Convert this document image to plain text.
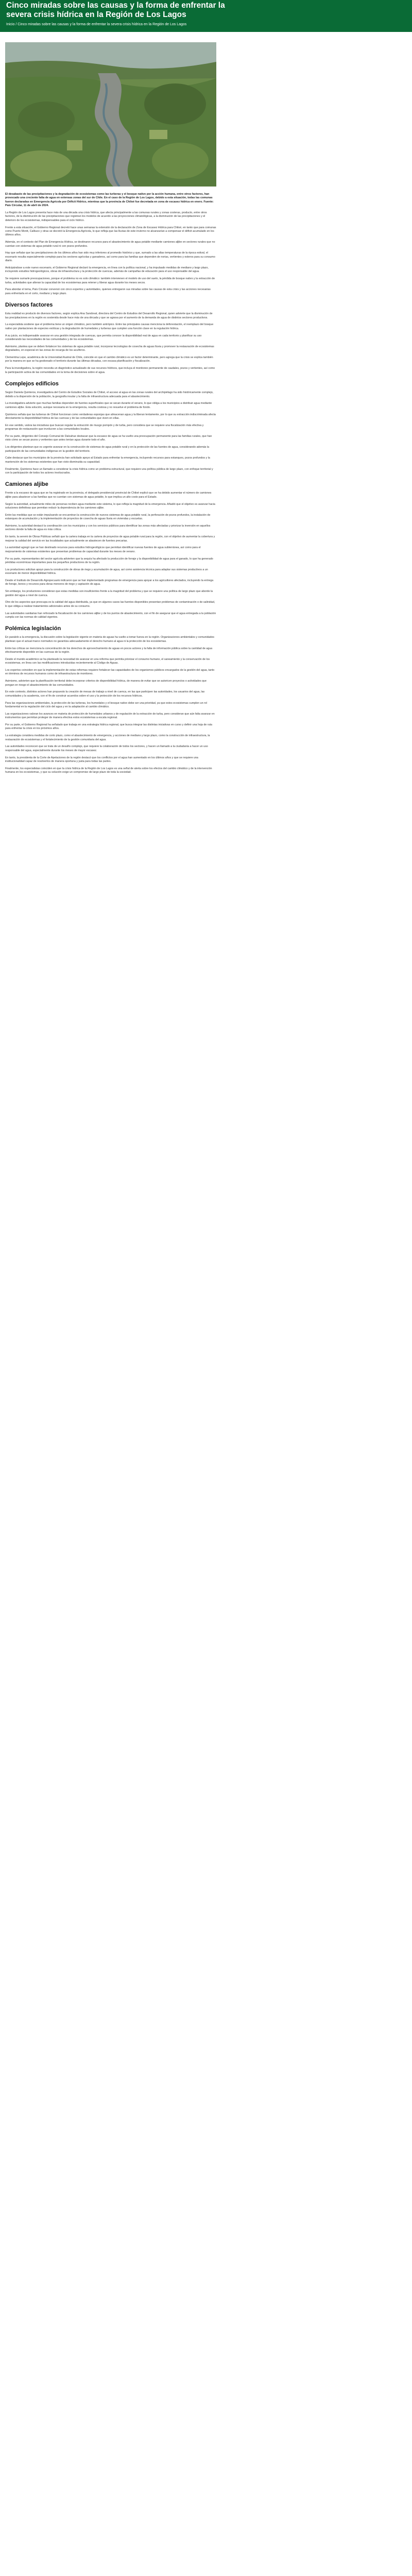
Cinco miradas sobre las causas y la forma de enfrentar la severa crisis hídrica en la Región de Los Lagos
Inicio / Cinco miradas sobre las causas y la forma de enfrentar la severa crisis hídrica en la Región de Los Lagos

El desabasto de las precipitaciones y la degradación de ecosistemas como las turberas y el bosque nativo por la acción humana, entre otros factores, han provocado una creciente falta de agua en extensas zonas del sur de Chile. En el caso de la Región de Los Lagos, debido a esta situación, todas las comunas fueron declaradas en Emergencia Agrícola por Déficit Hídrico, mientras que la provincia de Chiloé fue decretada en zona de escasez hídrica en enero. Fuente: País Circular, 11 de abril de 2024.

La Región de Los Lagos presenta hace más de una década una crisis hídrica, que afecta principalmente a las comunas rurales y zonas costeras, producto, entre otros factores, de la disminución de las precipitaciones que registran los modelos de acuerdo a las proyecciones climatológicas, a la disminución de las precipitaciones y el deterioro de los ecosistemas, indispensables para el ciclo hídrico.

Frente a esta situación, el Gobierno Regional decretó hace unas semanas la extensión de la declaración de Zona de Escasez Hídrica para Chiloé, en tanto que para comunas como Puerto Montt, Calbuco y otras se decretó la Emergencia Agrícola, lo que refleja que las lluvias de este invierno no alcanzarían a compensar el déficit acumulado en los últimos años.

Además, en el contexto del Plan de Emergencia Hídrica, se destinaron recursos para el abastecimiento de agua potable mediante camiones aljibe en sectores rurales que no cuentan con sistemas de agua potable rural ni con pozos profundos.

Hay que señalar que las precipitaciones de los últimos años han sido muy inferiores al promedio histórico y que, sumado a las altas temperaturas de la época estival, el escenario resulta especialmente complejo para los sectores agrícolas y ganaderos, así como para las familias que dependen de norias, vertientes y esteros para su consumo diario.

Anticipándose a este nuevo escenario, el Gobierno Regional declaró la emergencia, en línea con la política nacional, y ha impulsado medidas de mediano y largo plazo, incluyendo estudios hidrogeológicos, obras de infraestructura y la protección de cuencas, además de campañas de educación para el uso responsable del agua.

Se requiere sumarle preocupaciones, porque el problema no es solo climático: también intervienen el modelo de uso del suelo, la pérdida de bosque nativo y la extracción de turba, actividades que alteran la capacidad de los ecosistemas para retener y liberar agua durante los meses secos.

Para abordar el tema, País Circular conversó con cinco expertos y autoridades, quienes entregaron sus miradas sobre las causas de esta crisis y las acciones necesarias para enfrentarla en el corto, mediano y largo plazo.

Diversos factores

Esta realidad es producto de diversos factores, según explica Ana Sandoval, directora del Centro de Estudios del Desarrollo Regional, quien advierte que la disminución de las precipitaciones en la región es sostenida desde hace más de una década y que se agrava por el aumento de la demanda de agua de distintos sectores productivos.

La especialista sostiene que el problema tiene un origen climático, pero también antrópico. Entre las principales causas menciona la deforestación, el reemplazo del bosque nativo por plantaciones de especies exóticas y la degradación de humedales y turberas que cumplen una función clave en la regulación hídrica.

A su juicio, es indispensable avanzar en una gestión integrada de cuencas, que permita conocer la disponibilidad real de agua en cada territorio y planificar su uso considerando las necesidades de las comunidades y de los ecosistemas.

Asimismo, plantea que se deben fortalecer los sistemas de agua potable rural, incorporar tecnologías de cosecha de aguas lluvia y promover la restauración de ecosistemas degradados, en especial en las zonas de recarga de los acuíferos.

Clementina Lepe, académica de la Universidad Austral de Chile, coincide en que el cambio climático es un factor determinante, pero agrega que la crisis se explica también por la manera en que se ha gestionado el territorio durante las últimas décadas, con escasa planificación y fiscalización.

Para la investigadora, la región necesita un diagnóstico actualizado de sus recursos hídricos, que incluya el monitoreo permanente de caudales, pozos y vertientes, así como la participación activa de las comunidades en la toma de decisiones sobre el agua.

Complejos edificios

Según Daniela Quinteros, investigadora del Centro de Estudios Sociales de Chiloé, el acceso al agua en las zonas rurales del archipiélago ha sido históricamente complejo, debido a la dispersión de la población, la geografía insular y la falta de infraestructura adecuada para el abastecimiento.

La investigadora advierte que muchas familias dependen de fuentes superficiales que se secan durante el verano, lo que obliga a los municipios a distribuir agua mediante camiones aljibe. Esta solución, aunque necesaria en la emergencia, resulta costosa y no resuelve el problema de fondo.

Quinteros señala que las turberas de Chiloé funcionan como verdaderas esponjas que almacenan agua y la liberan lentamente, por lo que su extracción indiscriminada afecta directamente la disponibilidad hídrica de las cuencas y de las comunidades que viven en ellas.

En ese sentido, valora las iniciativas que buscan regular la extracción de musgo pompón y de turba, pero considera que se requiere una fiscalización más efectiva y programas de restauración que involucren a las comunidades locales.

Por su parte, dirigentes del Consejo Comunal de Dalcahue destacan que la escasez de agua se ha vuelto una preocupación permanente para las familias rurales, que han visto cómo se secan pozos y vertientes que antes tenían agua durante todo el año.

Los dirigentes plantean que es urgente avanzar en la construcción de sistemas de agua potable rural y en la protección de las fuentes de agua, considerando además la participación de las comunidades indígenas en la gestión del territorio.

Cabe destacar que los municipios de la provincia han solicitado apoyo al Estado para enfrentar la emergencia, incluyendo recursos para estanques, pozos profundos y la mantención de los sistemas existentes que han visto disminuida su capacidad.

Finalmente, Quinteros hace un llamado a considerar la crisis hídrica como un problema estructural, que requiere una política pública de largo plazo, con enfoque territorial y con la participación de todos los actores involucrados.

Camiones aljibe

Frente a la escasez de agua que se ha registrado en la provincia, el delegado presidencial provincial de Chiloé explicó que se ha debido aumentar el número de camiones aljibe para abastecer a las familias que no cuentan con sistemas de agua potable, lo que implica un alto costo para el Estado.

Según la autoridad, actualmente miles de personas reciben agua mediante este sistema, lo que refleja la magnitud de la emergencia. Añadió que el objetivo es avanzar hacia soluciones definitivas que permitan reducir la dependencia de los camiones aljibe.

Entre las medidas que se están impulsando se encuentran la construcción de nuevos sistemas de agua potable rural, la perforación de pozos profundos, la instalación de estanques de acumulación y la implementación de proyectos de cosecha de aguas lluvia en viviendas y escuelas.

Asimismo, la autoridad destacó la coordinación con los municipios y con los servicios públicos para identificar las zonas más afectadas y priorizar la inversión en aquellos sectores donde la falta de agua es más crítica.

En tanto, la seremi de Obras Públicas señaló que la cartera trabaja en la cartera de proyectos de agua potable rural para la región, con el objetivo de aumentar la cobertura y mejorar la calidad del servicio en las localidades que actualmente se abastecen de fuentes precarias.

La autoridad agregó que se han destinado recursos para estudios hidrogeológicos que permitan identificar nuevas fuentes de agua subterránea, así como para el mejoramiento de sistemas existentes que presentan problemas de capacidad durante los meses de verano.

Por su parte, representantes del sector agrícola advierten que la sequía ha afectado la producción de forraje y la disponibilidad de agua para el ganado, lo que ha generado pérdidas económicas importantes para los pequeños productores de la región.

Los productores solicitan apoyo para la construcción de obras de riego y acumulación de agua, así como asistencia técnica para adaptar sus sistemas productivos a un escenario de menor disponibilidad hídrica.

Desde el Instituto de Desarrollo Agropecuario indicaron que se han implementado programas de emergencia para apoyar a los agricultores afectados, incluyendo la entrega de forraje, bonos y recursos para obras menores de riego y captación de agua.

Sin embargo, los productores consideran que estas medidas son insuficientes frente a la magnitud del problema y que se requiere una política de largo plazo que aborde la gestión del agua a nivel de cuenca.

Otro de los aspectos que preocupa es la calidad del agua distribuida, ya que en algunos casos las fuentes disponibles presentan problemas de contaminación o de salinidad, lo que obliga a realizar tratamientos adicionales antes de su consumo.

Las autoridades sanitarias han reforzado la fiscalización de los camiones aljibe y de los puntos de abastecimiento, con el fin de asegurar que el agua entregada a la población cumpla con las normas de calidad vigentes.

Polémica legislación

En paralelo a la emergencia, la discusión sobre la legislación vigente en materia de aguas ha vuelto a tomar fuerza en la región. Organizaciones ambientales y comunidades plantean que el actual marco normativo no garantiza adecuadamente el derecho humano al agua ni la protección de los ecosistemas.

Entre las críticas se menciona la concentración de los derechos de aprovechamiento de aguas en pocos actores y la falta de información pública sobre la cantidad de agua efectivamente disponible en las cuencas de la región.

Desde el mundo académico se ha planteado la necesidad de avanzar en una reforma que permita priorizar el consumo humano, el saneamiento y la conservación de los ecosistemas, en línea con las modificaciones introducidas recientemente al Código de Aguas.

Los expertos coinciden en que la implementación de estas reformas requiere fortalecer las capacidades de los organismos públicos encargados de la gestión del agua, tanto en términos de recursos humanos como de infraestructura de monitoreo.

Asimismo, advierten que la planificación territorial debe incorporar criterios de disponibilidad hídrica, de manera de evitar que se autoricen proyectos o actividades que pongan en riesgo el abastecimiento de las comunidades.

En este contexto, distintos actores han propuesto la creación de mesas de trabajo a nivel de cuenca, en las que participen las autoridades, los usuarios del agua, las comunidades y la academia, con el fin de construir acuerdos sobre el uso y la protección de los recursos hídricos.

Para las organizaciones ambientales, la protección de las turberas, los humedales y el bosque nativo debe ser una prioridad, ya que estos ecosistemas cumplen un rol fundamental en la regulación del ciclo del agua y en la adaptación al cambio climático.

Las organizaciones valoran los avances en materia de protección de humedales urbanos y de regulación de la extracción de turba, pero consideran que aún falta avanzar en instrumentos que permitan proteger de manera efectiva estos ecosistemas a escala regional.

Por su parte, el Gobierno Regional ha señalado que trabaja en una estrategia hídrica regional, que busca integrar las distintas iniciativas en curso y definir una hoja de ruta para enfrentar la crisis en los próximos años.

La estrategia considera medidas de corto plazo, como el abastecimiento de emergencia, y acciones de mediano y largo plazo, como la construcción de infraestructura, la restauración de ecosistemas y el fortalecimiento de la gestión comunitaria del agua.

Las autoridades reconocen que se trata de un desafío complejo, que requiere la colaboración de todos los sectores, y hacen un llamado a la ciudadanía a hacer un uso responsable del agua, especialmente durante los meses de mayor escasez.

En tanto, la presidenta de la Corte de Apelaciones de la región destacó que los conflictos por el agua han aumentado en los últimos años y que se requiere una institucionalidad capaz de resolverlos de manera oportuna y justa para todas las partes.

Finalmente, los especialistas coinciden en que la crisis hídrica de la Región de Los Lagos es una señal de alerta sobre los efectos del cambio climático y de la intervención humana en los ecosistemas, y que su solución exige un compromiso de largo plazo de toda la sociedad.
